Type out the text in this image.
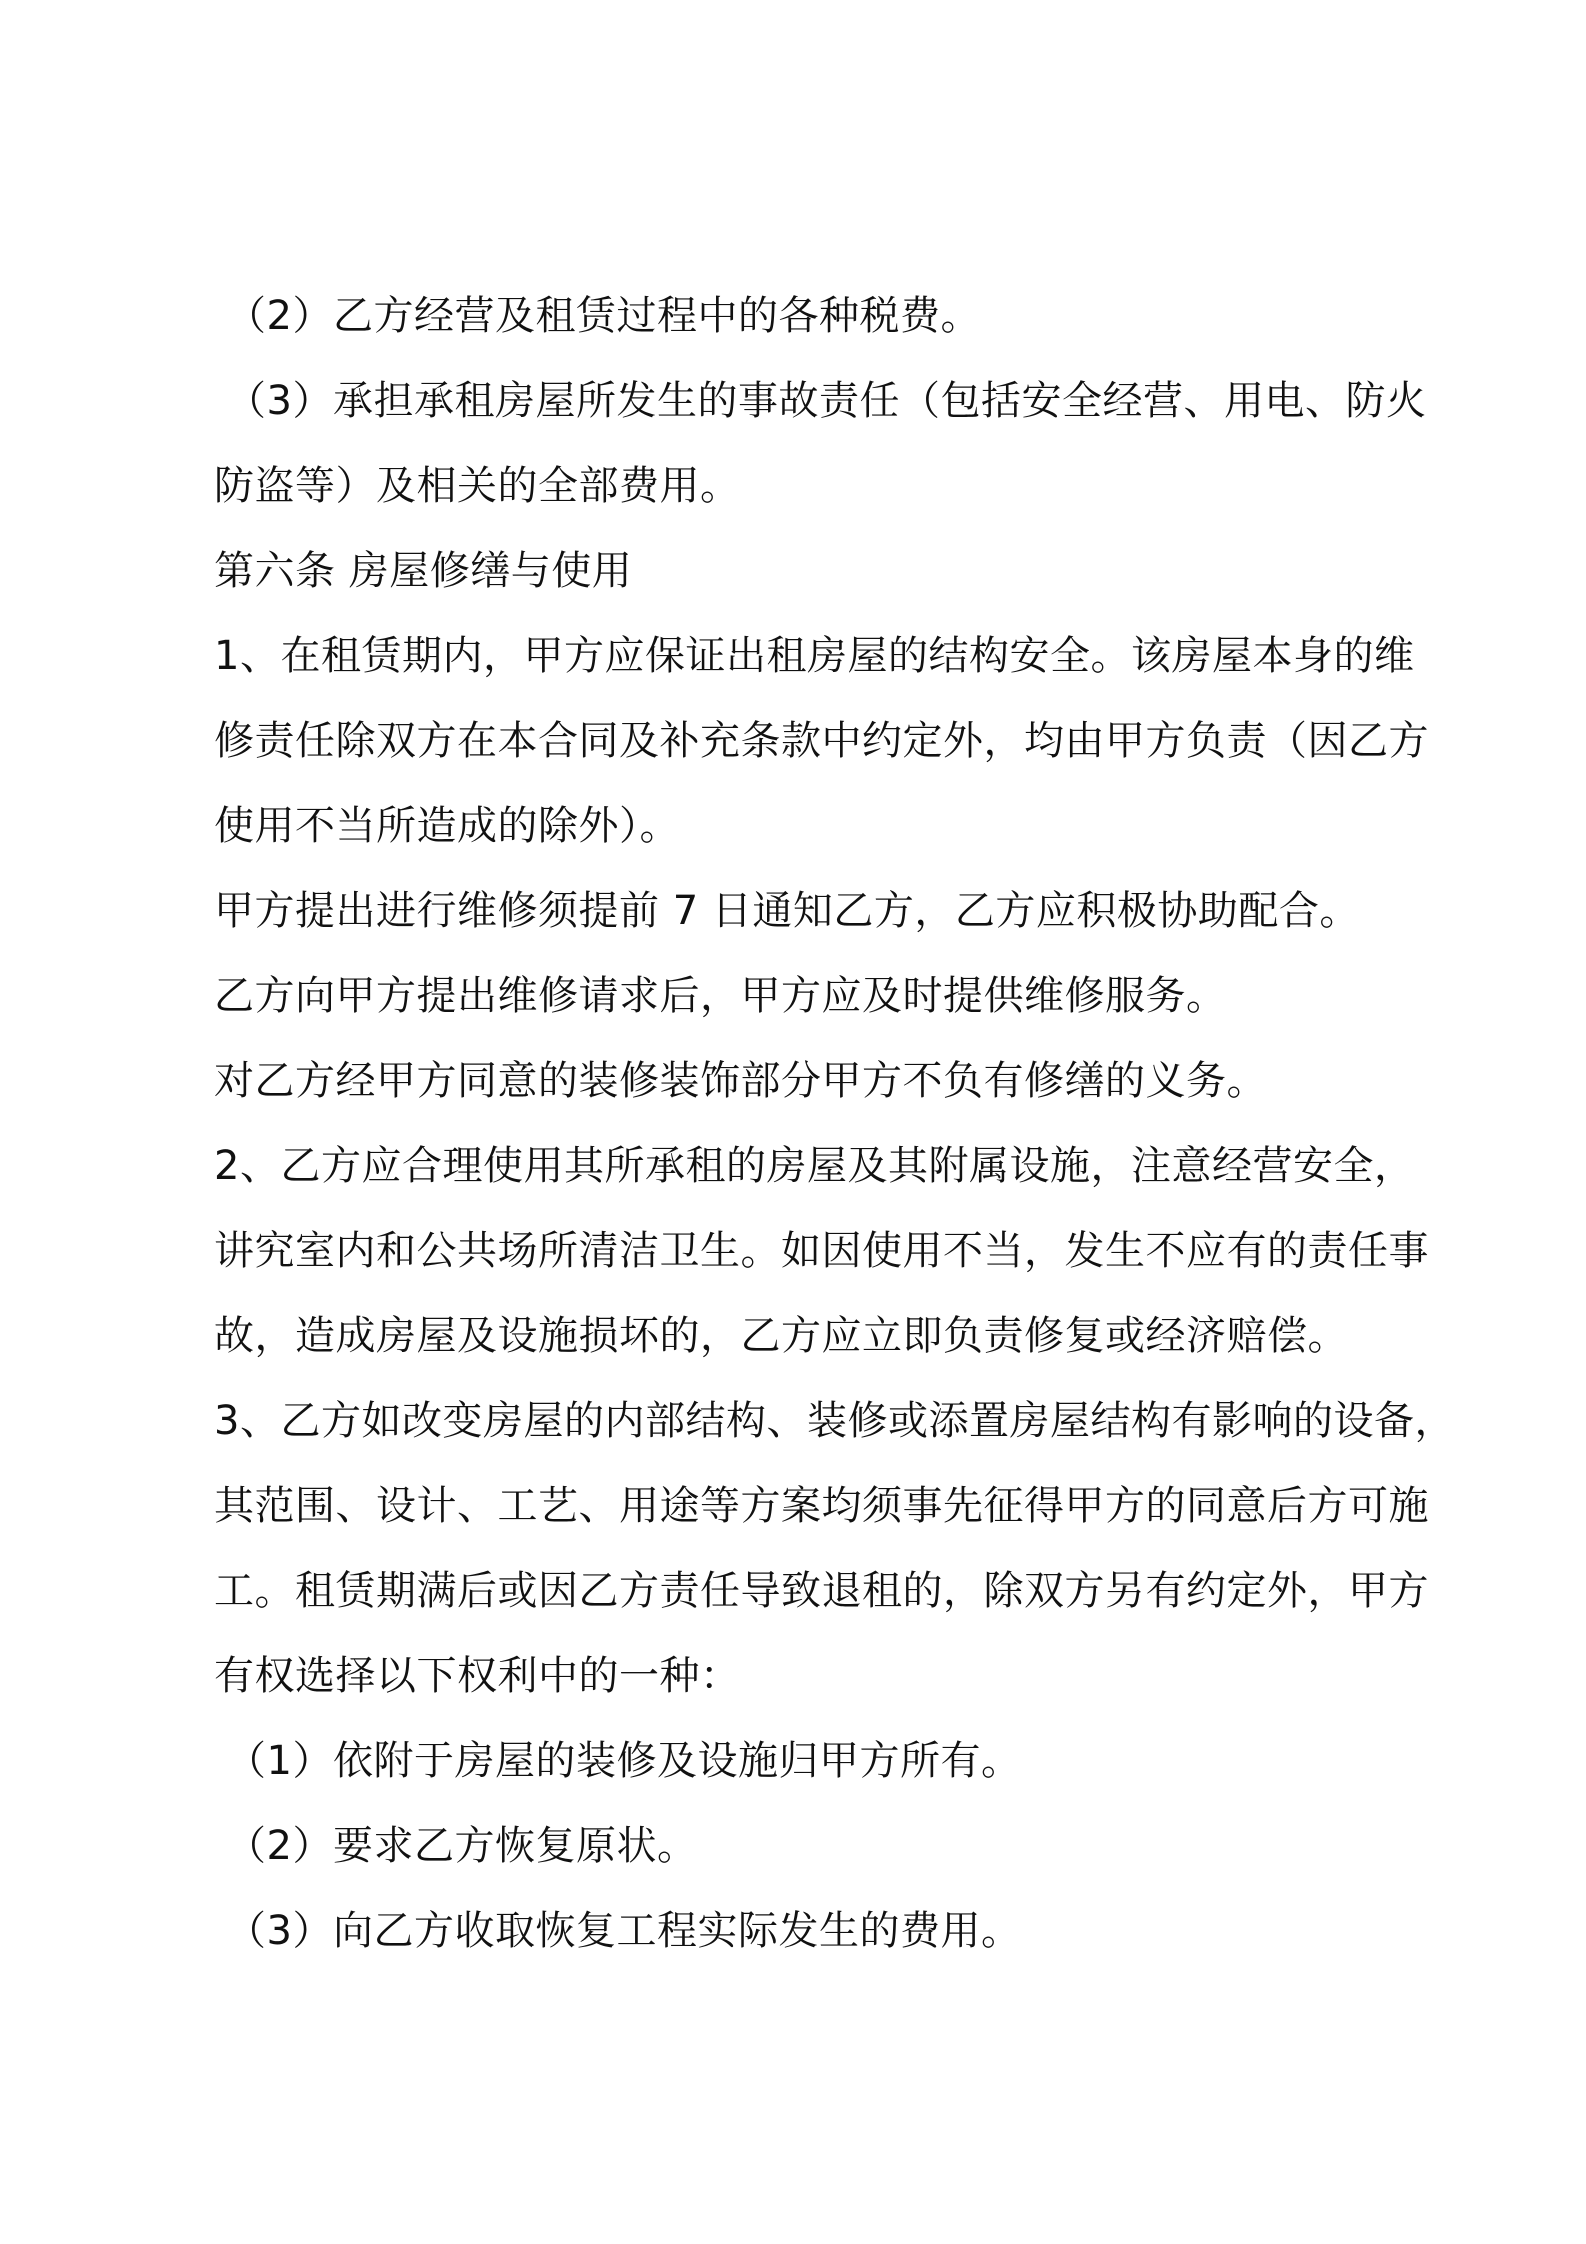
（2）乙方经营及租赁过程中的各种税费。
（3）承担承租房屋所发生的事故责任（包括安全经营、用电、防火
防盗等）及相关的全部费用。
第六条 房屋修缮与使用
1、在租赁期内，甲方应保证出租房屋的结构安全。该房屋本身的维
修责任除双方在本合同及补充条款中约定外，均由甲方负责（因乙方
使用不当所造成的除外）。
甲方提出进行维修须提前 7 日通知乙方，乙方应积极协助配合。
乙方向甲方提出维修请求后，甲方应及时提供维修服务。
对乙方经甲方同意的装修装饰部分甲方不负有修缮的义务。
2、乙方应合理使用其所承租的房屋及其附属设施，注意经营安全，
讲究室内和公共场所清洁卫生。如因使用不当，发生不应有的责任事
故，造成房屋及设施损坏的，乙方应立即负责修复或经济赔偿。
3、乙方如改变房屋的内部结构、装修或添置房屋结构有影响的设备，
其范围、设计、工艺、用途等方案均须事先征得甲方的同意后方可施
工。租赁期满后或因乙方责任导致退租的，除双方另有约定外，甲方
有权选择以下权利中的一种：
（1）依附于房屋的装修及设施归甲方所有。
（2）要求乙方恢复原状。
（3）向乙方收取恢复工程实际发生的费用。
